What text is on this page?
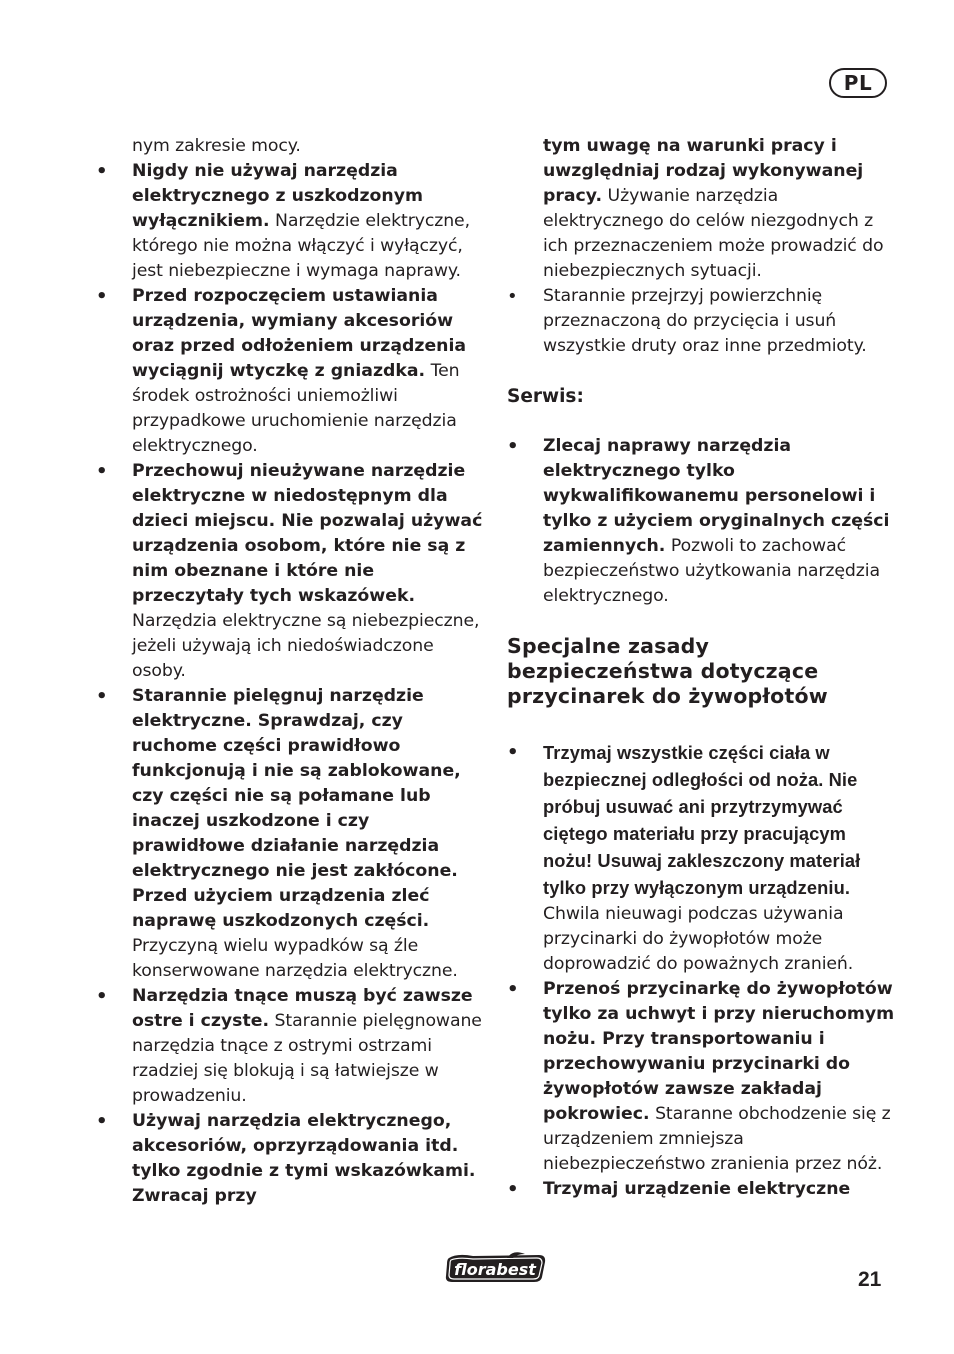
PL
nym zakresie mocy.
• Nigdy nie używaj narzędzia elektrycznego z uszkodzonym wyłącznikiem. Narzędzie elektryczne, którego nie można włączyć i wyłączyć, jest niebezpieczne i wymaga naprawy.
• Przed rozpoczęciem ustawiania urządzenia, wymiany akcesoriów oraz przed odłożeniem urządzenia wyciągnij wtyczkę z gniazdka. Ten środek ostrożności uniemożliwi przypadkowe uruchomienie narzędzia elektrycznego.
• Przechowuj nieużywane narzędzie elektryczne w niedostępnym dla dzieci miejscu. Nie pozwalaj używać urządzenia osobom, które nie są z nim obeznane i które nie przeczytały tych wskazówek. Narzędzia elektryczne są niebezpieczne, jeżeli używają ich niedoświadczone osoby.
• Starannie pielęgnuj narzędzie elektryczne. Sprawdzaj, czy ruchome części prawidłowo funkcjonują i nie są zablokowane, czy części nie są połamane lub inaczej uszkodzone i czy prawidłowe działanie narzędzia elektrycznego nie jest zakłócone. Przed użyciem urządzenia zleć naprawę uszkodzonych części. Przyczyną wielu wypadków są źle konserwowane narzędzia elektryczne.
• Narzędzia tnące muszą być zawsze ostre i czyste. Starannie pielęgnowane narzędzia tnące z ostrymi ostrzami rzadziej się blokują i są łatwiejsze w prowadzeniu.
• Używaj narzędzia elektrycznego, akcesoriów, oprzyrządowania itd. tylko zgodnie z tymi wskazówkami. Zwracaj przy
tym uwagę na warunki pracy i uwzględniaj rodzaj wykonywanej pracy. Używanie narzędzia elektrycznego do celów niezgodnych z ich przeznaczeniem może prowadzić do niebezpiecznych sytuacji.
• Starannie przejrzyj powierzchnię przeznaczoną do przycięcia i usuń wszystkie druty oraz inne przedmioty.
Serwis:
• Zlecaj naprawy narzędzia elektrycznego tylko wykwalifikowanemu personelowi i tylko z użyciem oryginalnych części zamiennych. Pozwoli to zachować bezpieczeństwo użytkowania narzędzia elektrycznego.
Specjalne zasady bezpieczeństwa dotyczące przycinarek do żywopłotów
• Trzymaj wszystkie części ciała w bezpiecznej odległości od noża. Nie próbuj usuwać ani przytrzymywać ciętego materiału przy pracującym nożu! Usuwaj zakleszczony materiał tylko przy wyłączonym urządzeniu. Chwila nieuwagi podczas używania przycinarki do żywopłotów może doprowadzić do poważnych zranień.
• Przenoś przycinarkę do żywopłotów tylko za uchwyt i przy nieruchomym nożu. Przy transportowaniu i przechowywaniu przycinarki do żywopłotów zawsze zakładaj pokrowiec. Staranne obchodzenie się z urządzeniem zmniejsza niebezpieczeństwo zranienia przez nóż.
• Trzymaj urządzenie elektryczne
florabest	21
